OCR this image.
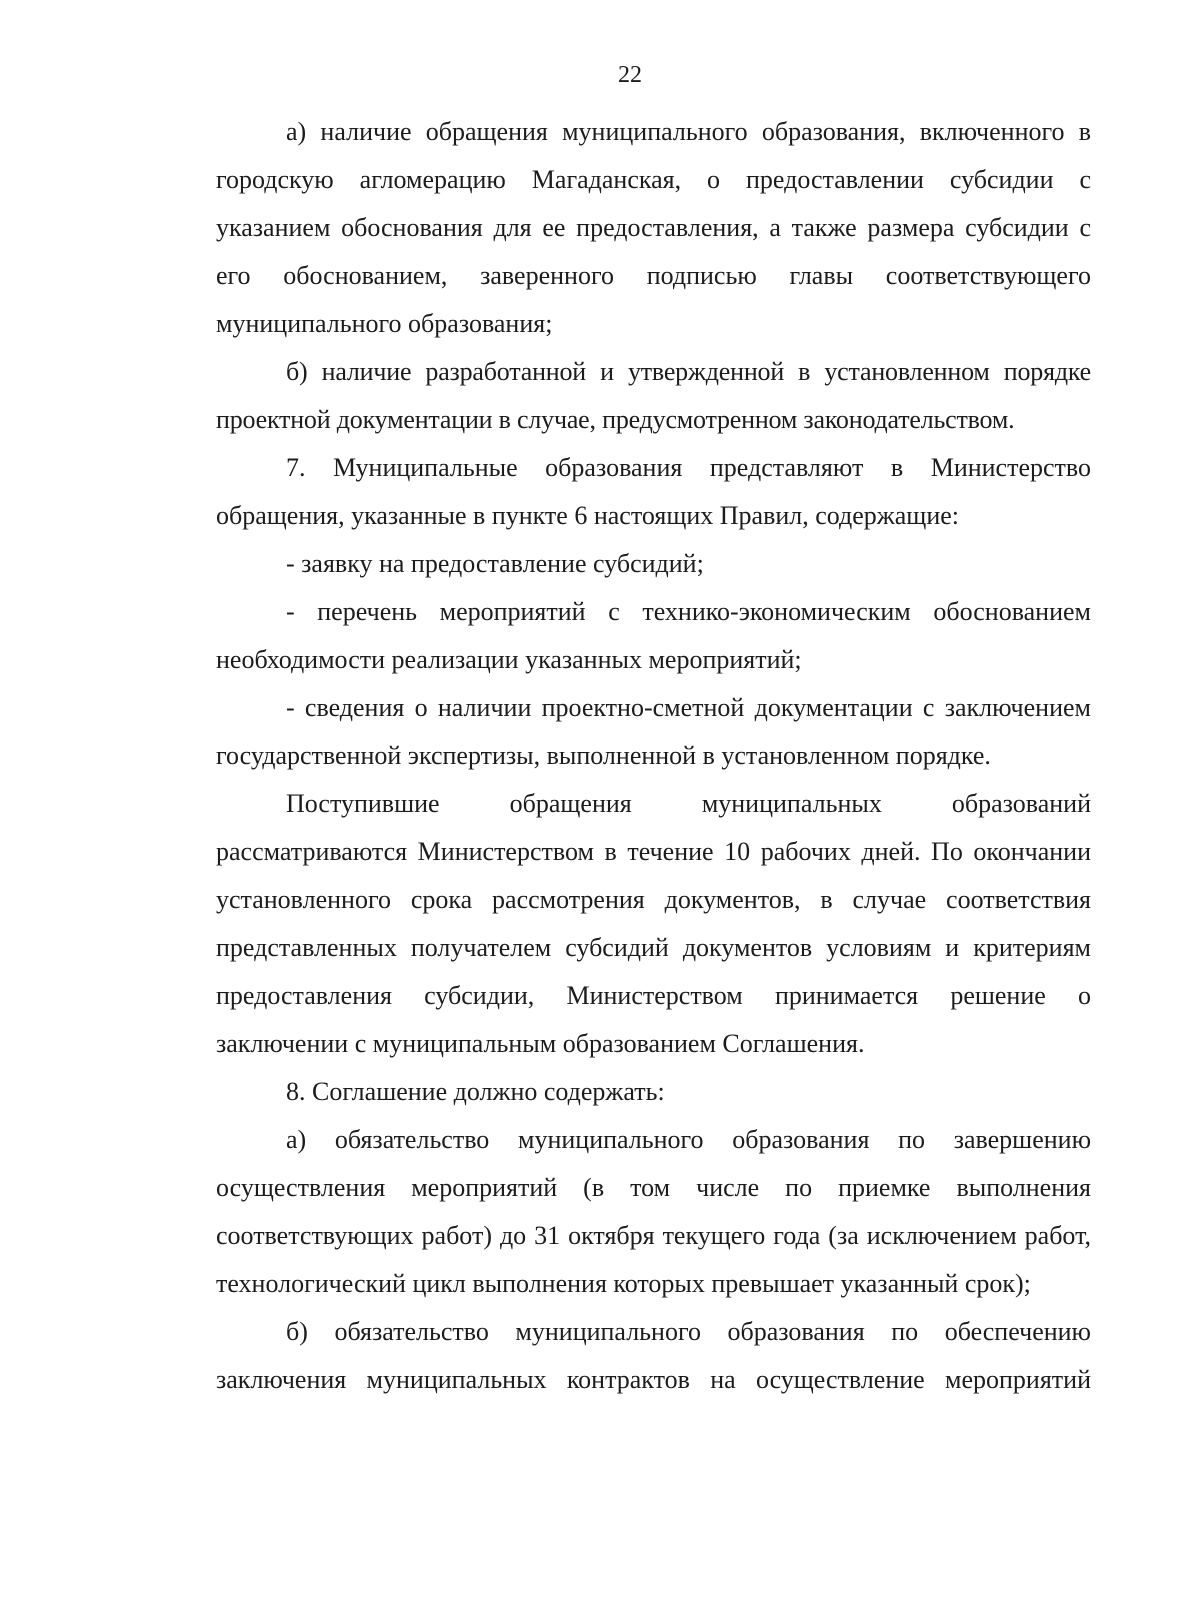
22

а) наличие обращения муниципального образования, включенного в городскую агломерацию Магаданская, о предоставлении субсидии с указанием обоснования для ее предоставления, а также размера субсидии с его обоснованием, заверенного подписью главы соответствующего муниципального образования;

б) наличие разработанной и утвержденной в установленном порядке проектной документации в случае, предусмотренном законодательством.

7. Муниципальные образования представляют в Министерство обращения, указанные в пункте 6 настоящих Правил, содержащие:

- заявку на предоставление субсидий;

- перечень мероприятий с технико-экономическим обоснованием необходимости реализации указанных мероприятий;

- сведения о наличии проектно-сметной документации с заключением государственной экспертизы, выполненной в установленном порядке.

Поступившие обращения муниципальных образований рассматриваются Министерством в течение 10 рабочих дней. По окончании установленного срока рассмотрения документов, в случае соответствия представленных получателем субсидий документов условиям и критериям предоставления субсидии, Министерством принимается решение о заключении с муниципальным образованием Соглашения.

8. Соглашение должно содержать:

а) обязательство муниципального образования по завершению осуществления мероприятий (в том числе по приемке выполнения соответствующих работ) до 31 октября текущего года (за исключением работ, технологический цикл выполнения которых превышает указанный срок);

б) обязательство муниципального образования по обеспечению заключения муниципальных контрактов на осуществление мероприятий
